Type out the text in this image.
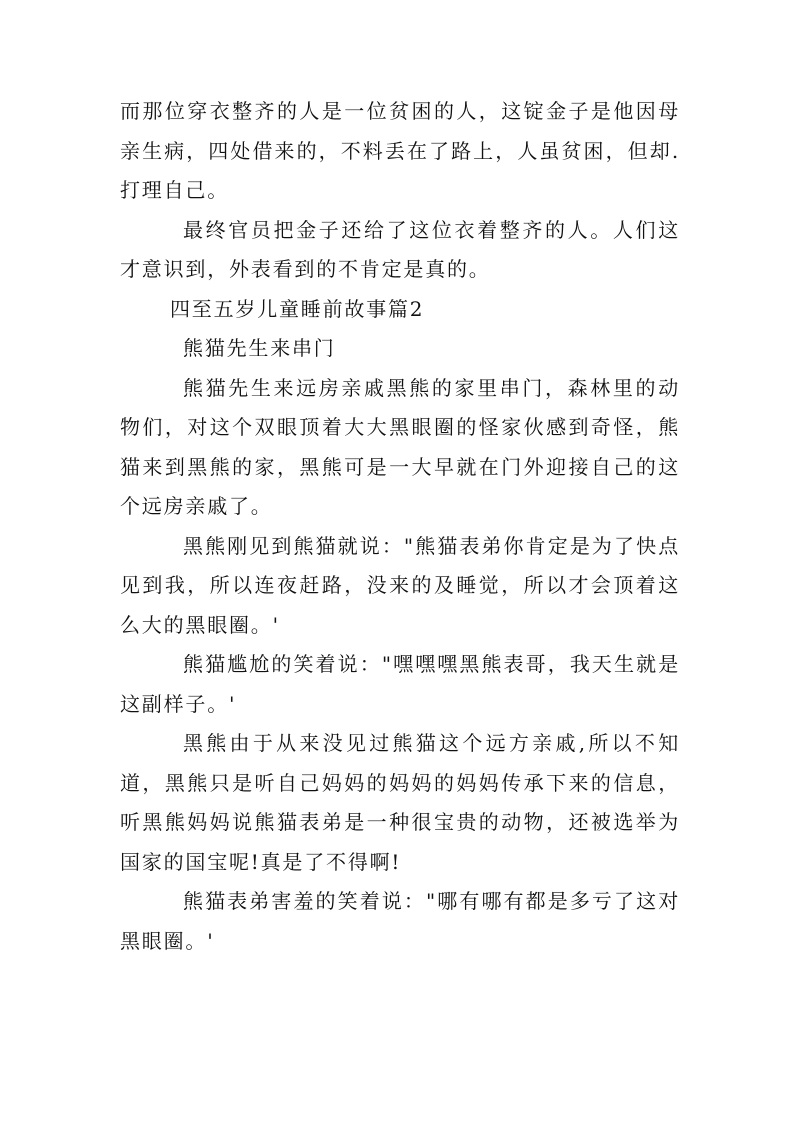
而那位穿衣整齐的人是一位贫困的人，这锭金子是他因母亲生病，四处借来的，不料丢在了路上，人虽贫困，但却.打理自己。

最终官员把金子还给了这位衣着整齐的人。人们这才意识到，外表看到的不肯定是真的。

四至五岁儿童睡前故事篇2

熊猫先生来串门

熊猫先生来远房亲戚黑熊的家里串门，森林里的动物们，对这个双眼顶着大大黑眼圈的怪家伙感到奇怪，熊猫来到黑熊的家，黑熊可是一大早就在门外迎接自己的这个远房亲戚了。

黑熊刚见到熊猫就说："熊猫表弟你肯定是为了快点见到我，所以连夜赶路，没来的及睡觉，所以才会顶着这么大的黑眼圈。'

熊猫尴尬的笑着说："嘿嘿嘿黑熊表哥，我天生就是这副样子。'

黑熊由于从来没见过熊猫这个远方亲戚,所以不知道，黑熊只是听自己妈妈的妈妈的妈妈传承下来的信息，听黑熊妈妈说熊猫表弟是一种很宝贵的动物，还被选举为国家的国宝呢!真是了不得啊!

熊猫表弟害羞的笑着说："哪有哪有都是多亏了这对黑眼圈。'
